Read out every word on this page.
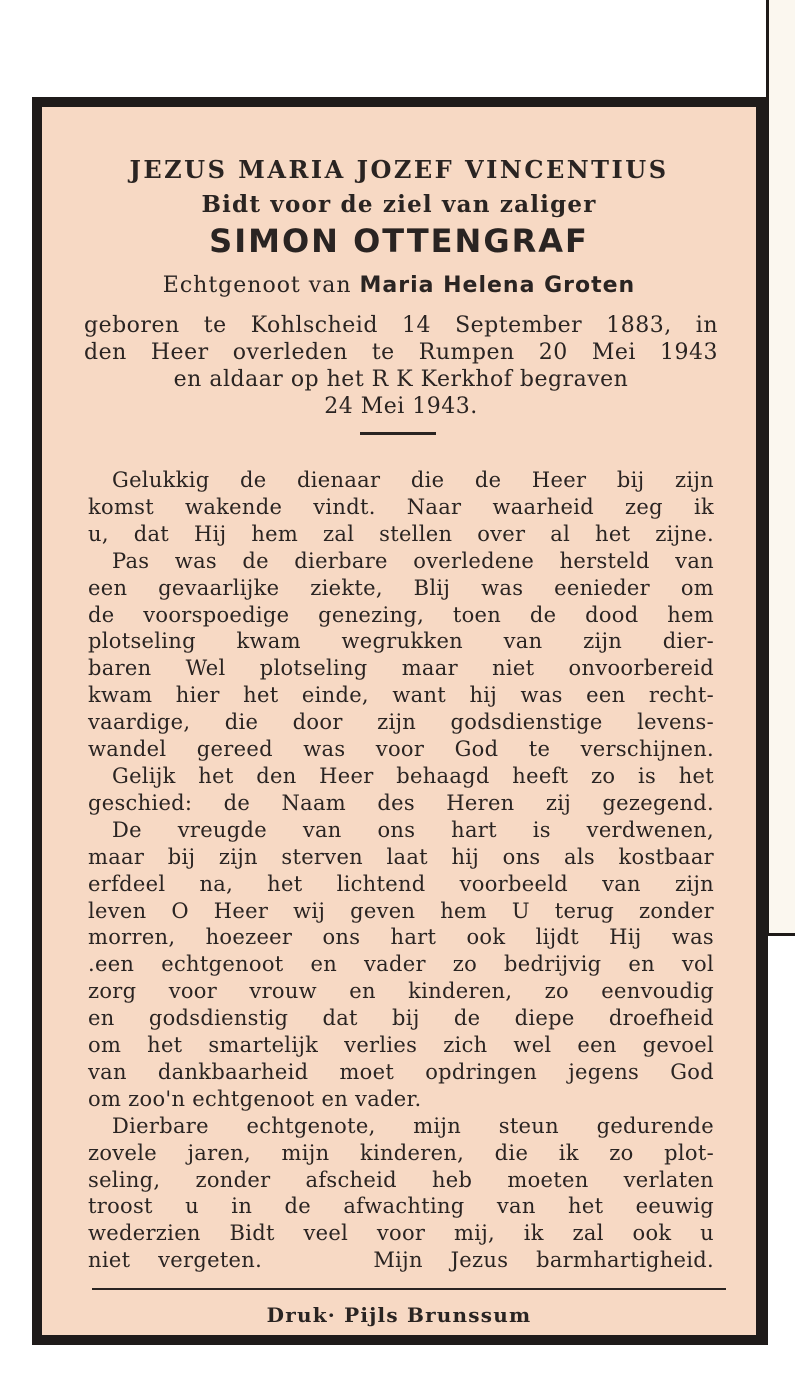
JEZUS MARIA JOZEF VINCENTIUS
Bidt voor de ziel van zaliger
SIMON OTTENGRAF
Echtgenoot van Maria Helena Groten
geboren te Kohlscheid 14 September 1883, in
den Heer overleden te Rumpen 20 Mei 1943
en aldaar op het R K Kerkhof begraven
24 Mei 1943.
Gelukkig de dienaar die de Heer bij zijn
komst wakende vindt. Naar waarheid zeg ik
u, dat Hij hem zal stellen over al het zijne.
Pas was de dierbare overledene hersteld van
een gevaarlijke ziekte, Blij was eenieder om
de voorspoedige genezing, toen de dood hem
plotseling kwam wegrukken van zijn dier-
baren Wel plotseling maar niet onvoorbereid
kwam hier het einde, want hij was een recht-
vaardige, die door zijn godsdienstige levens-
wandel gereed was voor God te verschijnen.
Gelijk het den Heer behaagd heeft zo is het
geschied: de Naam des Heren zij gezegend.
De vreugde van ons hart is verdwenen,
maar bij zijn sterven laat hij ons als kostbaar
erfdeel na, het lichtend voorbeeld van zijn
leven O Heer wij geven hem U terug zonder
morren, hoezeer ons hart ook lijdt Hij was
.een echtgenoot en vader zo bedrijvig en vol
zorg voor vrouw en kinderen, zo eenvoudig
en godsdienstig dat bij de diepe droefheid
om het smartelijk verlies zich wel een gevoel
van dankbaarheid moet opdringen jegens God
om zoo'n echtgenoot en vader.
Dierbare echtgenote, mijn steun gedurende
zovele jaren, mijn kinderen, die ik zo plot-
seling, zonder afscheid heb moeten verlaten
troost u in de afwachting van het eeuwig
wederzien Bidt veel voor mij, ik zal ook u
niet vergeten.    Mijn Jezus barmhartigheid.
Druk· Pijls Brunssum
